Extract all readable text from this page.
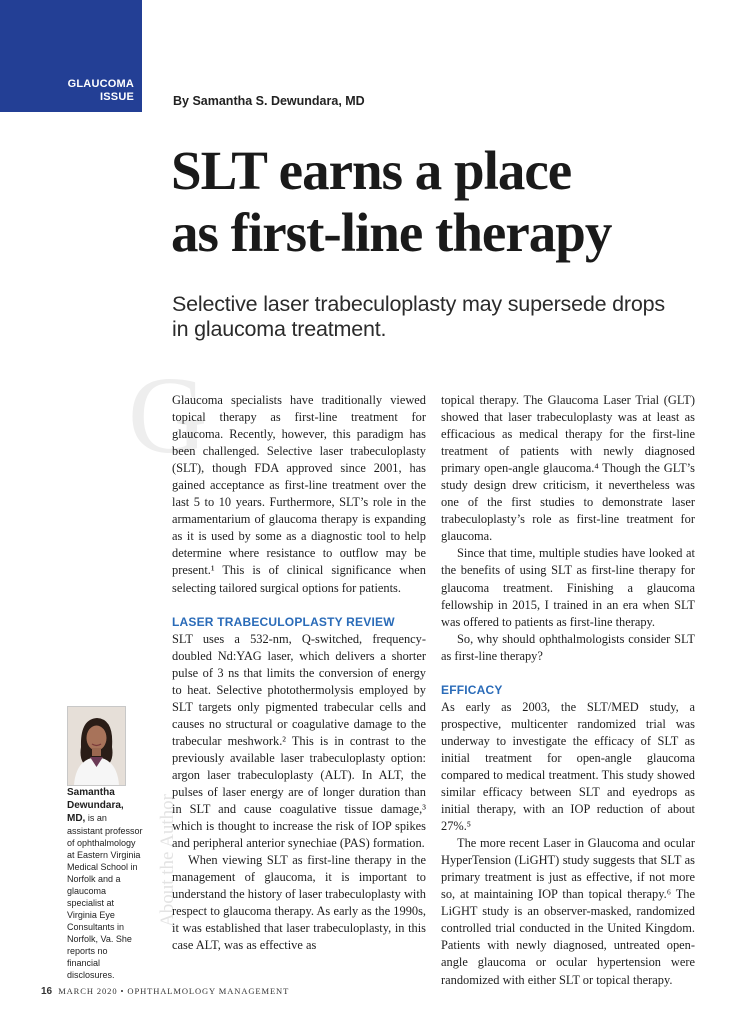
GLAUCOMA
ISSUE	By Samantha S. Dewundara, MD
SLT earns a place
as first-line therapy
Selective laser trabeculoplasty may supersede drops
in glaucoma treatment.
G

Glaucoma specialists have traditionally viewed topical therapy as first-line treatment for glaucoma. Recently, however, this paradigm has been challenged. Selective laser trabeculoplasty (SLT), though FDA approved since 2001, has gained acceptance as first-line treatment over the last 5 to 10 years. Furthermore, SLT’s role in the armamentarium of glaucoma therapy is expanding as it is used by some as a diagnostic tool to help determine where resistance to outflow may be present.¹ This is of clinical significance when selecting tailored surgical options for patients.

LASER TRABECULOPLASTY REVIEW

SLT uses a 532-nm, Q-switched, frequency-doubled Nd:YAG laser, which delivers a shorter pulse of 3 ns that limits the conversion of energy to heat. Selective photothermolysis employed by SLT targets only pigmented trabecular cells and causes no structural or coagulative damage to the trabecular meshwork.² This is in contrast to the previously available laser trabeculoplasty option: argon laser trabeculoplasty (ALT). In ALT, the pulses of laser energy are of longer duration than in SLT and cause coagulative tissue damage,³ which is thought to increase the risk of IOP spikes and peripheral anterior synechiae (PAS) formation.

When viewing SLT as first-line therapy in the management of glaucoma, it is important to understand the history of laser trabeculoplasty with respect to glaucoma therapy. As early as the 1990s, it was established that laser trabeculoplasty, in this case ALT, was as effective as

topical therapy. The Glaucoma Laser Trial (GLT) showed that laser trabeculoplasty was at least as efficacious as medical therapy for the first-line treatment of patients with newly diagnosed primary open-angle glaucoma.⁴ Though the GLT’s study design drew criticism, it nevertheless was one of the first studies to demonstrate laser trabeculoplasty’s role as first-line treatment for glaucoma.

Since that time, multiple studies have looked at the benefits of using SLT as first-line therapy for glaucoma treatment. Finishing a glaucoma fellowship in 2015, I trained in an era when SLT was offered to patients as first-line therapy.

So, why should ophthalmologists consider SLT as first-line therapy?

EFFICACY

As early as 2003, the SLT/MED study, a prospective, multicenter randomized trial was underway to investigate the efficacy of SLT as initial treatment for open-angle glaucoma compared to medical treatment. This study showed similar efficacy between SLT and eyedrops as initial therapy, with an IOP reduction of about 27%.⁵

The more recent Laser in Glaucoma and ocular HyperTension (LiGHT) study suggests that SLT as primary treatment is just as effective, if not more so, at maintaining IOP than topical therapy.⁶ The LiGHT study is an observer-masked, randomized controlled trial conducted in the United Kingdom. Patients with newly diagnosed, untreated open-angle glaucoma or ocular hypertension were randomized with either SLT or topical therapy.

About the Author
Samantha Dewundara, MD, is an assistant professor of ophthalmology at Eastern Virginia Medical School in Norfolk and a glaucoma specialist at Virginia Eye Consultants in Norfolk, Va. She reports no financial disclosures.
16 MARCH 2020 • OPHTHALMOLOGY MANAGEMENT
